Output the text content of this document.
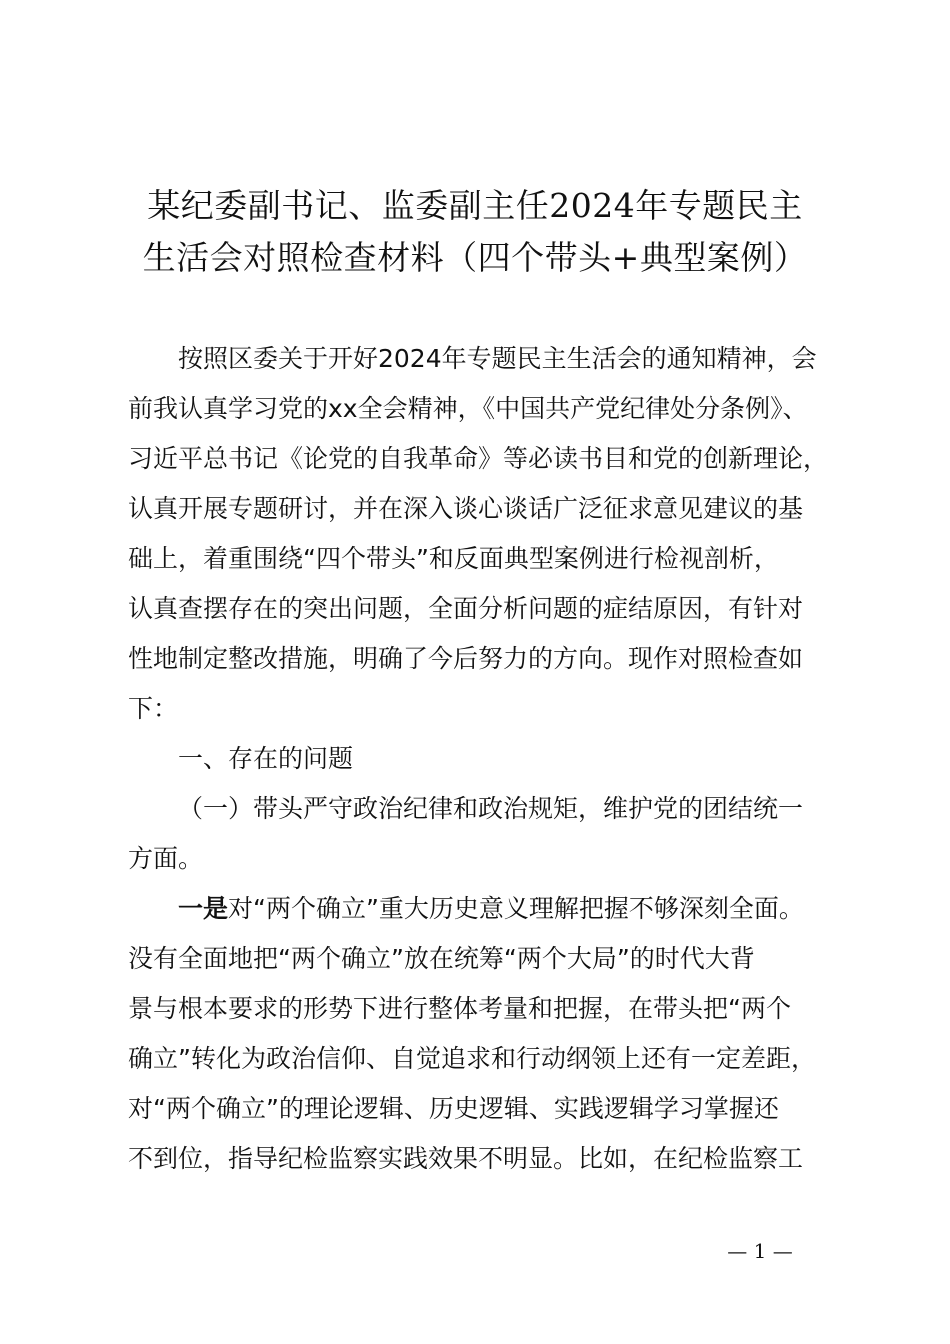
某纪委副书记、监委副主任2024年专题民主
生活会对照检查材料（四个带头+典型案例）
按照区委关于开好2024年专题民主生活会的通知精神，会
前我认真学习党的xx全会精神，《中国共产党纪律处分条例》、
习近平总书记《论党的自我革命》等必读书目和党的创新理论，
认真开展专题研讨，并在深入谈心谈话广泛征求意见建议的基
础上，着重围绕“四个带头”和反面典型案例进行检视剖析，
认真查摆存在的突出问题，全面分析问题的症结原因，有针对
性地制定整改措施，明确了今后努力的方向。现作对照检查如
下：
一、存在的问题
（一）带头严守政治纪律和政治规矩，维护党的团结统一
方面。
一是对“两个确立”重大历史意义理解把握不够深刻全面。
没有全面地把“两个确立”放在统筹“两个大局”的时代大背
景与根本要求的形势下进行整体考量和把握，在带头把“两个
确立”转化为政治信仰、自觉追求和行动纲领上还有一定差距，
对“两个确立”的理论逻辑、历史逻辑、实践逻辑学习掌握还
不到位，指导纪检监察实践效果不明显。比如，在纪检监察工
— 1 —
